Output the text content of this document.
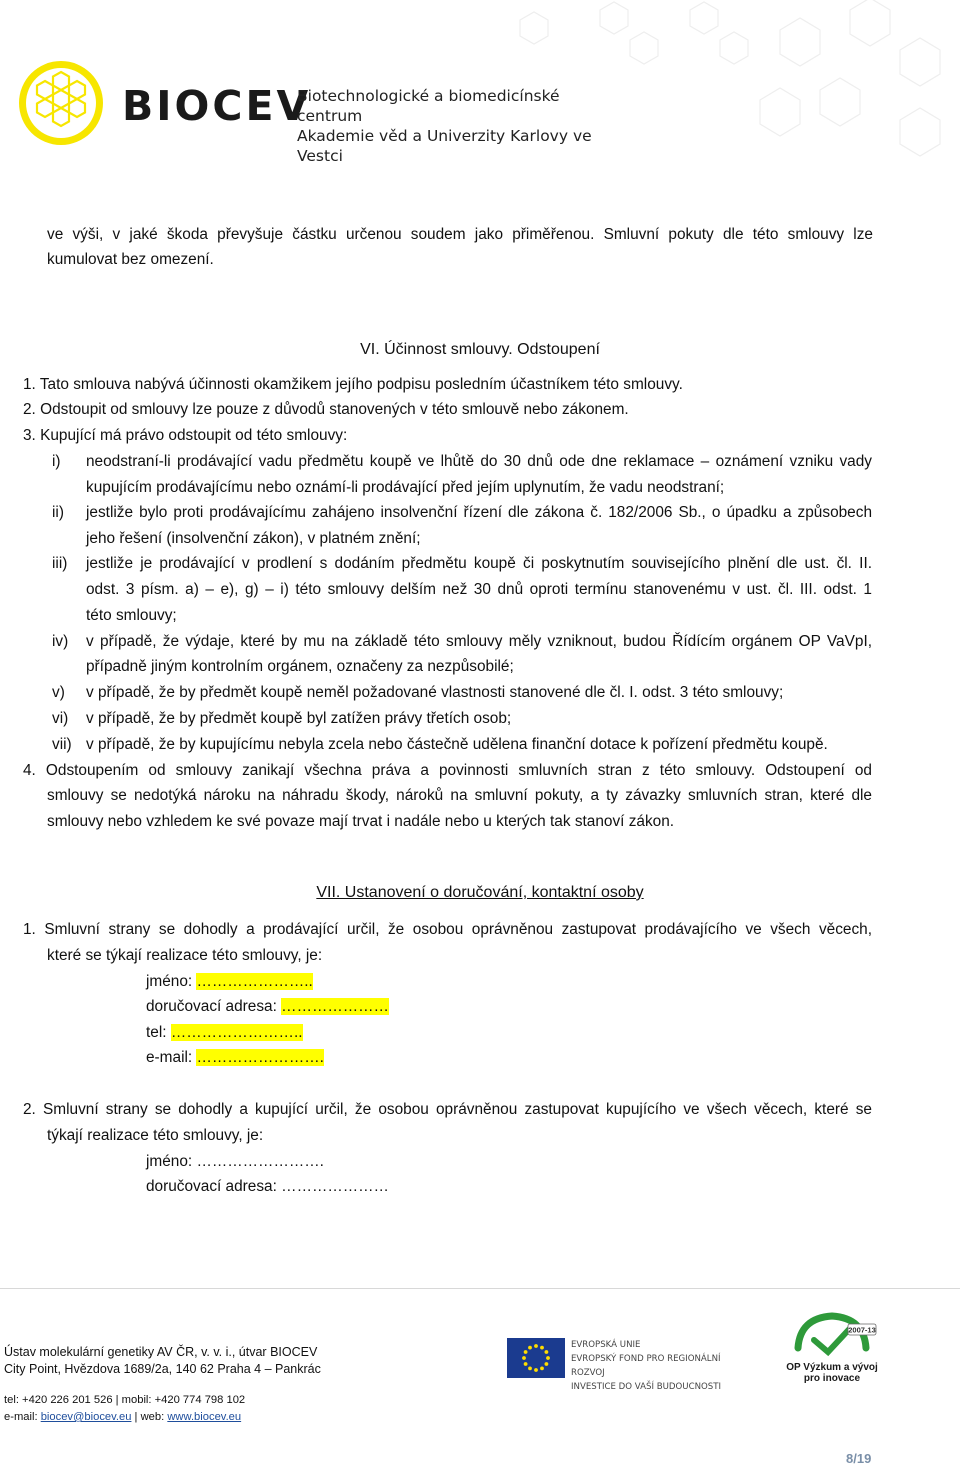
BIOCEV
Biotechnologické a biomedicínské centrum
Akademie věd a Univerzity Karlovy ve Vestci
ve výši, v jaké škoda převyšuje částku určenou soudem jako přiměřenou. Smluvní pokuty dle této smlouvy lze
kumulovat bez omezení.
VI. Účinnost smlouvy. Odstoupení
1. Tato smlouva nabývá účinnosti okamžikem jejího podpisu posledním účastníkem této smlouvy.
2. Odstoupit od smlouvy lze pouze z důvodů stanovených v této smlouvě nebo zákonem.
3. Kupující má právo odstoupit od této smlouvy:
i) neodstraní-li prodávající vadu předmětu koupě ve lhůtě do 30 dnů ode dne reklamace – oznámení vzniku vady
kupujícím prodávajícímu nebo oznámí-li prodávající před jejím uplynutím, že vadu neodstraní;
ii) jestliže bylo proti prodávajícímu zahájeno insolvenční řízení dle zákona č. 182/2006 Sb., o úpadku a způsobech
jeho řešení (insolvenční zákon), v platném znění;
iii) jestliže je prodávající v prodlení s dodáním předmětu koupě či poskytnutím souvisejícího plnění dle ust. čl. II.
odst. 3 písm. a) – e), g) – i) této smlouvy delším než 30 dnů oproti termínu stanovenému v ust. čl. III. odst. 1
této smlouvy;
iv) v případě, že výdaje, které by mu na základě této smlouvy měly vzniknout, budou Řídícím orgánem OP VaVpI,
případně jiným kontrolním orgánem, označeny za nezpůsobilé;
v) v případě, že by předmět koupě neměl požadované vlastnosti stanovené dle čl. I. odst. 3 této smlouvy;
vi) v případě, že by předmět koupě byl zatížen právy třetích osob;
vii) v případě, že by kupujícímu nebyla zcela nebo částečně udělena finanční dotace k pořízení předmětu koupě.
4. Odstoupením od smlouvy zanikají všechna práva a povinnosti smluvních stran z této smlouvy. Odstoupení od
smlouvy se nedotýká nároku na náhradu škody, nároků na smluvní pokuty, a ty závazky smluvních stran, které dle
smlouvy nebo vzhledem ke své povaze mají trvat i nadále nebo u kterých tak stanoví zákon.
VII. Ustanovení o doručování, kontaktní osoby
1. Smluvní strany se dohodly a prodávající určil, že osobou oprávněnou zastupovat prodávajícího ve všech věcech,
které se týkají realizace této smlouvy, je:
jméno: …………………..
doručovací adresa: …………………
tel: ……………………..
e-mail: …………………….
2. Smluvní strany se dohodly a kupující určil, že osobou oprávněnou zastupovat kupujícího ve všech věcech, které se
týkají realizace této smlouvy, je:
jméno: …………………….
doručovací adresa: …………………
Ústav molekulární genetiky AV ČR, v. v. i., útvar BIOCEV
City Point, Hvězdova 1689/2a, 140 62 Praha 4 – Pankrác
tel: +420 226 201 526 | mobil: +420 774 798 102
e-mail: biocev@biocev.eu | web: www.biocev.eu
EVROPSKÁ UNIE
EVROPSKÝ FOND PRO REGIONÁLNÍ ROZVOJ
INVESTICE DO VAŠÍ BUDOUCNOSTI
2007-13
OP Výzkum a vývoj
pro inovace
8/19
